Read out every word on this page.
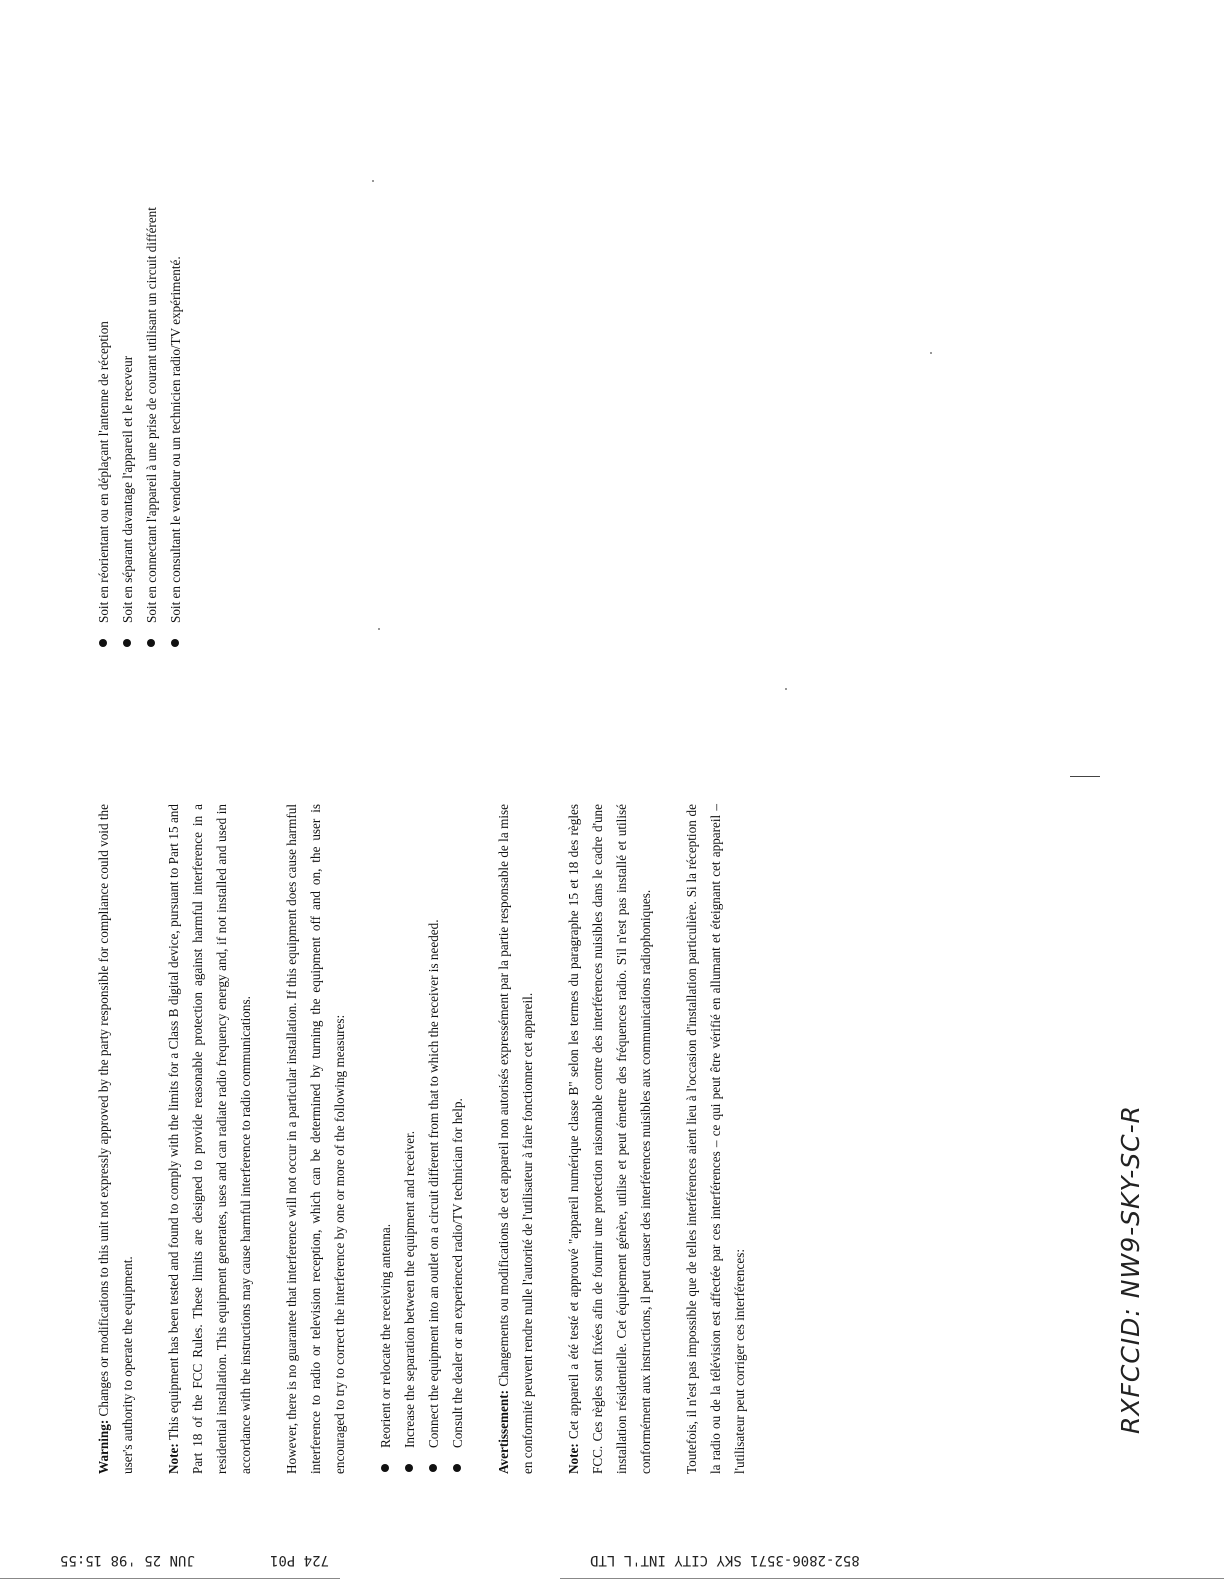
Warning: Changes or modifications to this unit not expressly approved by the party responsible for compliance could void the user's authority to operate the equipment.	Note: This equipment has been tested and found to comply with the limits for a Class B digital device, pursuant to Part 15 and Part 18 of the FCC Rules. These limits are designed to provide reasonable protection against harmful interference in a residential installation. This equipment generates, uses and can radiate radio frequency energy and, if not installed and used in accordance with the instructions may cause harmful interference to radio communications.	However, there is no guarantee that interference will not occur in a particular installation. If this equipment does cause harmful interference to radio or television reception, which can be determined by turning the equipment off and on, the user is encouraged to try to correct the interference by one or more of the following measures:	Reorient or relocate the receiving antenna. Increase the separation between the equipment and receiver. Connect the equipment into an outlet on a circuit different from that to which the receiver is needed. Consult the dealer or an experienced radio/TV technician for help.	Avertissement: Changements ou modifications de cet appareil non autorisés expressément par la partie responsable de la mise en conformité peuvent rendre nulle l'autorité de l'utilisateur à faire fonctionner cet appareil.	Note: Cet appareil a été testé et approuvé "appareil numérique classe B" selon les termes du paragraphe 15 et 18 des règles FCC. Ces règles sont fixées afin de fournir une protection raisonnable contre des interférences nuisibles dans le cadre d'une installation résidentielle. Cet équipement génère, utilise et peut émettre des fréquences radio. S'il n'est pas installé et utilisé conformément aux instructions, il peut causer des interférences nuisibles aux communications radiophoniques.	Toutefois, il n'est pas impossible que de telles interférences aient lieu à l'occasion d'installation particulière. Si la réception de la radio ou de la télévision est affectée par ces interférences – ce qui peut être vérifié en allumant et éteignant cet appareil – l'utilisateur peut corriger ces interférences:

Soit en réorientant ou en déplaçant l'antenne de réception Soit en séparant davantage l'appareil et le receveur Soit en connectant l'appareil à une prise de courant utilisant un circuit différent Soit en consultant le vendeur ou un technicien radio/TV expérimenté.
RXFCCID: NW9-SKY-SC-R
JUN 25 '98 15:55	724 P01	852-2806-3571 SKY CITY INT'L LTD
